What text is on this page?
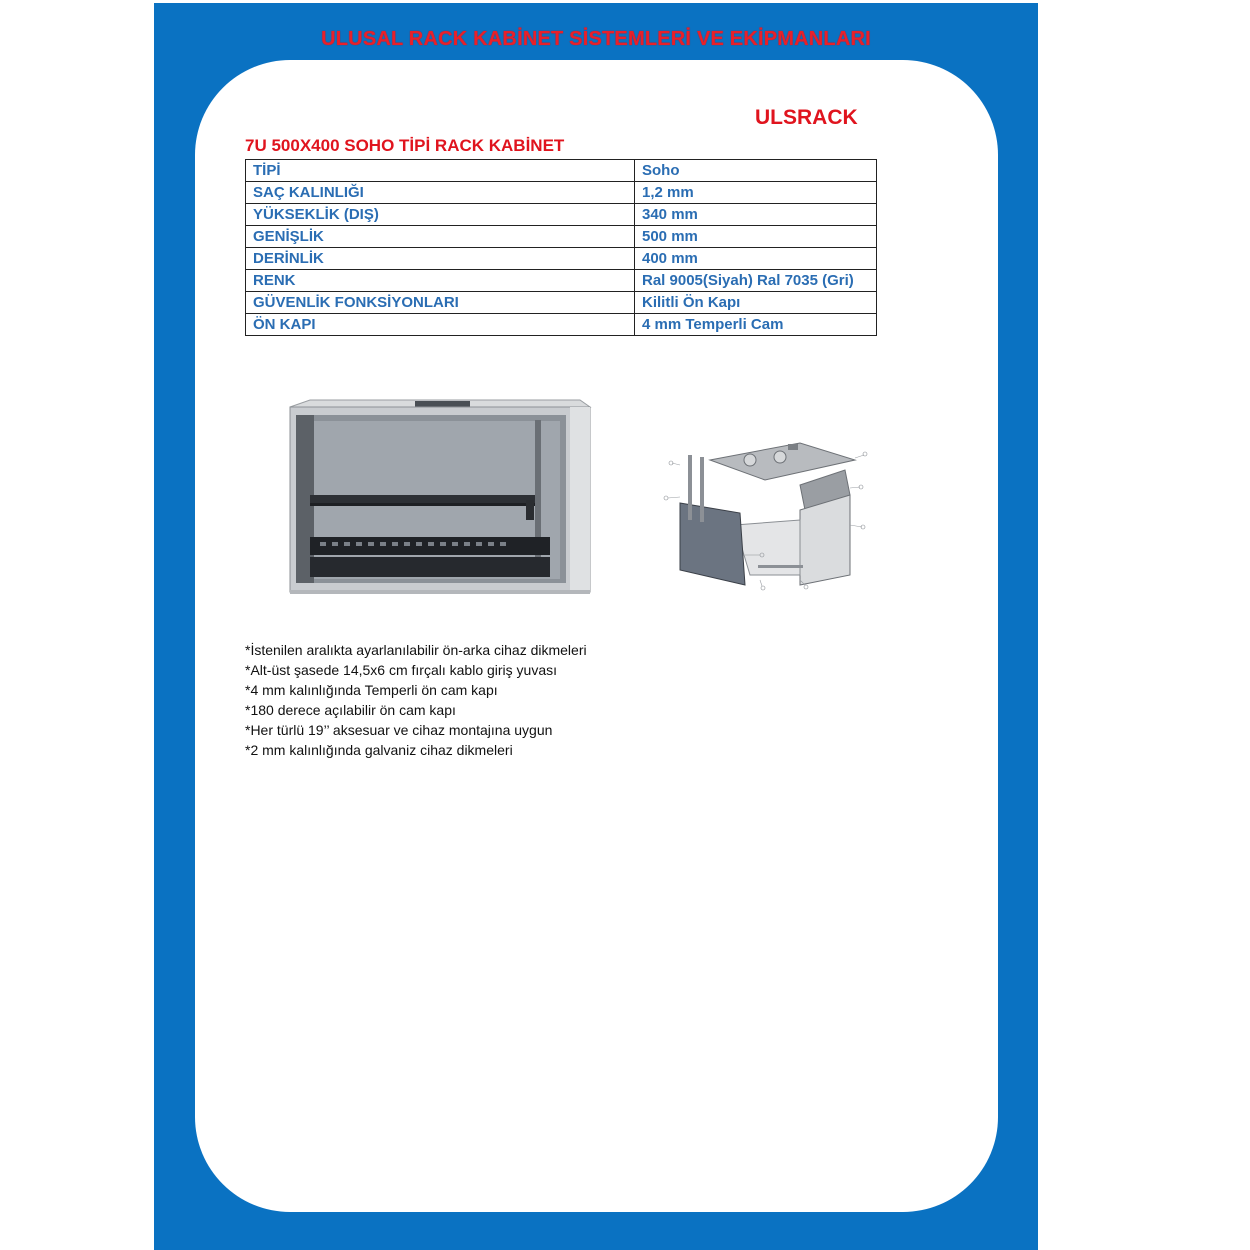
ULUSAL RACK KABİNET SİSTEMLERİ VE EKİPMANLARI
ULSRACK
7U 500X400 SOHO TİPİ RACK KABİNET
TİPİ	Soho
SAÇ KALINLIĞI	1,2 mm
YÜKSEKLİK (DIŞ)	340 mm
GENİŞLİK	500 mm
DERİNLİK	400 mm
RENK	Ral 9005(Siyah) Ral 7035 (Gri)
GÜVENLİK FONKSİYONLARI	Kilitli Ön Kapı
ÖN KAPI	4 mm Temperli Cam
*İstenilen aralıkta ayarlanılabilir ön-arka cihaz dikmeleri
*Alt-üst şasede 14,5x6 cm fırçalı kablo giriş yuvası
*4 mm kalınlığında Temperli ön cam kapı
*180 derece açılabilir ön cam kapı
*Her türlü 19’’ aksesuar ve cihaz montajına uygun
*2 mm kalınlığında galvaniz cihaz dikmeleri
